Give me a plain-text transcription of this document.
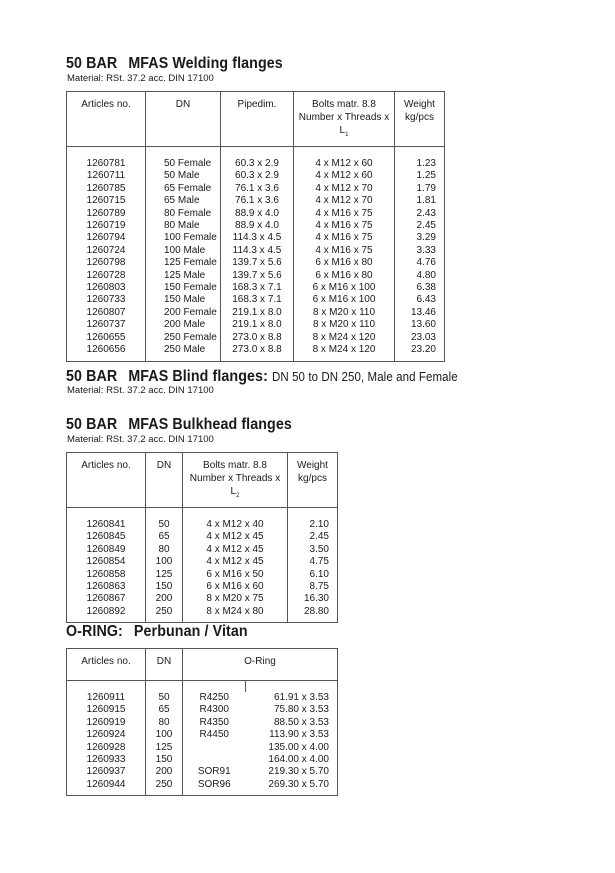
50 BAR MFAS Welding flanges
Material: RSt. 37.2 acc. DIN 17100
Articles no.	DN	Pipedim.	Bolts matr. 8.8
Number x Threads x $L_1$	Weight
kg/pcs

1260781	50 Female	60.3 x 2.9	4 x M12 x 60	1.23
1260711	50 Male	60.3 x 2.9	4 x M12 x 60	1.25
1260785	65 Female	76.1 x 3.6	4 x M12 x 70	1.79
1260715	65 Male	76.1 x 3.6	4 x M12 x 70	1.81
1260789	80 Female	88.9 x 4.0	4 x M16 x 75	2.43
1260719	80 Male	88.9 x 4.0	4 x M16 x 75	2.45
1260794	100 Female	114.3 x 4.5	4 x M16 x 75	3.29
1260724	100 Male	114.3 x 4.5	4 x M16 x 75	3.33
1260798	125 Female	139.7 x 5.6	6 x M16 x 80	4.76
1260728	125 Male	139.7 x 5.6	6 x M16 x 80	4.80
1260803	150 Female	168.3 x 7.1	6 x M16 x 100	6.38
1260733	150 Male	168.3 x 7.1	6 x M16 x 100	6.43
1260807	200 Female	219.1 x 8.0	8 x M20 x 110	13.46
1260737	200 Male	219.1 x 8.0	8 x M20 x 110	13.60
1260655	250 Female	273.0 x 8.8	8 x M24 x 120	23.03
1260656	250 Male	273.0 x 8.8	8 x M24 x 120	23.20
50 BAR MFAS Blind flanges: DN 50 to DN 250, Male and Female
Material: RSt. 37.2 acc. DIN 17100
50 BAR MFAS Bulkhead flanges
Material: RSt. 37.2 acc. DIN 17100
Articles no.	DN	Bolts matr. 8.8
Number x Threads x $L_2$	Weight
kg/pcs

1260841	50	4 x M12 x 40	2.10
1260845	65	4 x M12 x 45	2.45
1260849	80	4 x M12 x 45	3.50
1260854	100	4 x M12 x 45	4.75
1260858	125	6 x M16 x 50	6.10
1260863	150	6 x M16 x 60	8.75
1260867	200	8 x M20 x 75	16.30
1260892	250	8 x M24 x 80	28.80
O-RING: Perbunan / Vitan
Articles no.	DN	O-Ring	

1260911	50	R4250	61.91 x 3.53
1260915	65	R4300	75.80 x 3.53
1260919	80	R4350	88.50 x 3.53
1260924	100	R4450	113.90 x 3.53
1260928	125		135.00 x 4.00
1260933	150		164.00 x 4.00
1260937	200	SOR91	219.30 x 5.70
1260944	250	SOR96	269.30 x 5.70
